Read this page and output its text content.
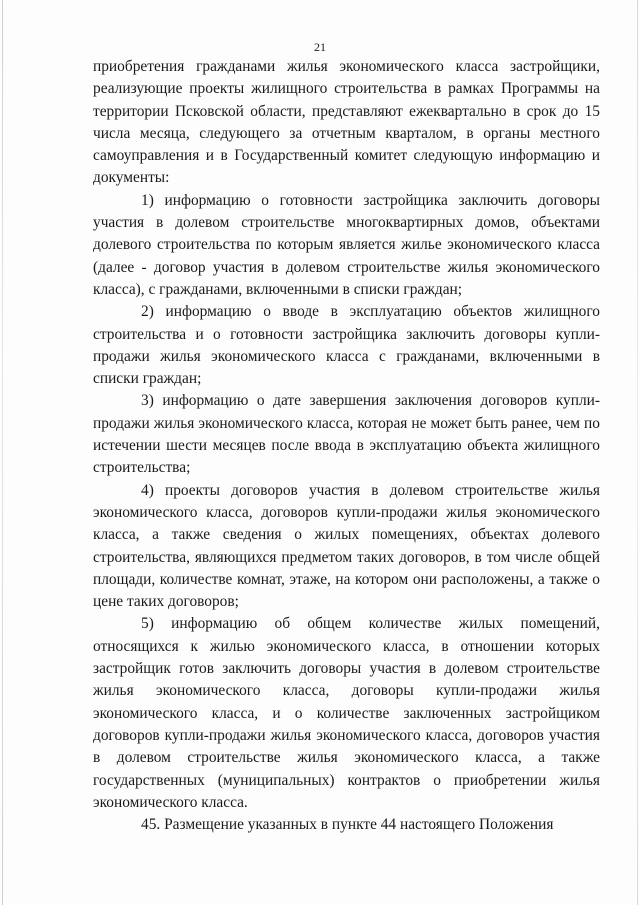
21

приобретения гражданами жилья экономического класса застройщики, реализующие проекты жилищного строительства в рамках Программы на территории Псковской области, представляют ежеквартально в срок до 15 числа месяца, следующего за отчетным кварталом, в органы местного самоуправления и в Государственный комитет следующую информацию и документы:

1) информацию о готовности застройщика заключить договоры участия в долевом строительстве многоквартирных домов, объектами долевого строительства по которым является жилье экономического класса (далее - договор участия в долевом строительстве жилья экономического класса), с гражданами, включенными в списки граждан;

2) информацию о вводе в эксплуатацию объектов жилищного строительства и о готовности застройщика заключить договоры купли-продажи жилья экономического класса с гражданами, включенными в списки граждан;

3) информацию о дате завершения заключения договоров купли-продажи жилья экономического класса, которая не может быть ранее, чем по истечении шести месяцев после ввода в эксплуатацию объекта жилищного строительства;

4) проекты договоров участия в долевом строительстве жилья экономического класса, договоров купли-продажи жилья экономического класса, а также сведения о жилых помещениях, объектах долевого строительства, являющихся предметом таких договоров, в том числе общей площади, количестве комнат, этаже, на котором они расположены, а также о цене таких договоров;

5) информацию об общем количестве жилых помещений, относящихся к жилью экономического класса, в отношении которых застройщик готов заключить договоры участия в долевом строительстве жилья экономического класса, договоры купли-продажи жилья экономического класса, и о количестве заключенных застройщиком договоров купли-продажи жилья экономического класса, договоров участия в долевом строительстве жилья экономического класса, а также государственных (муниципальных) контрактов о приобретении жилья экономического класса.

45. Размещение указанных в пункте 44 настоящего Положения
